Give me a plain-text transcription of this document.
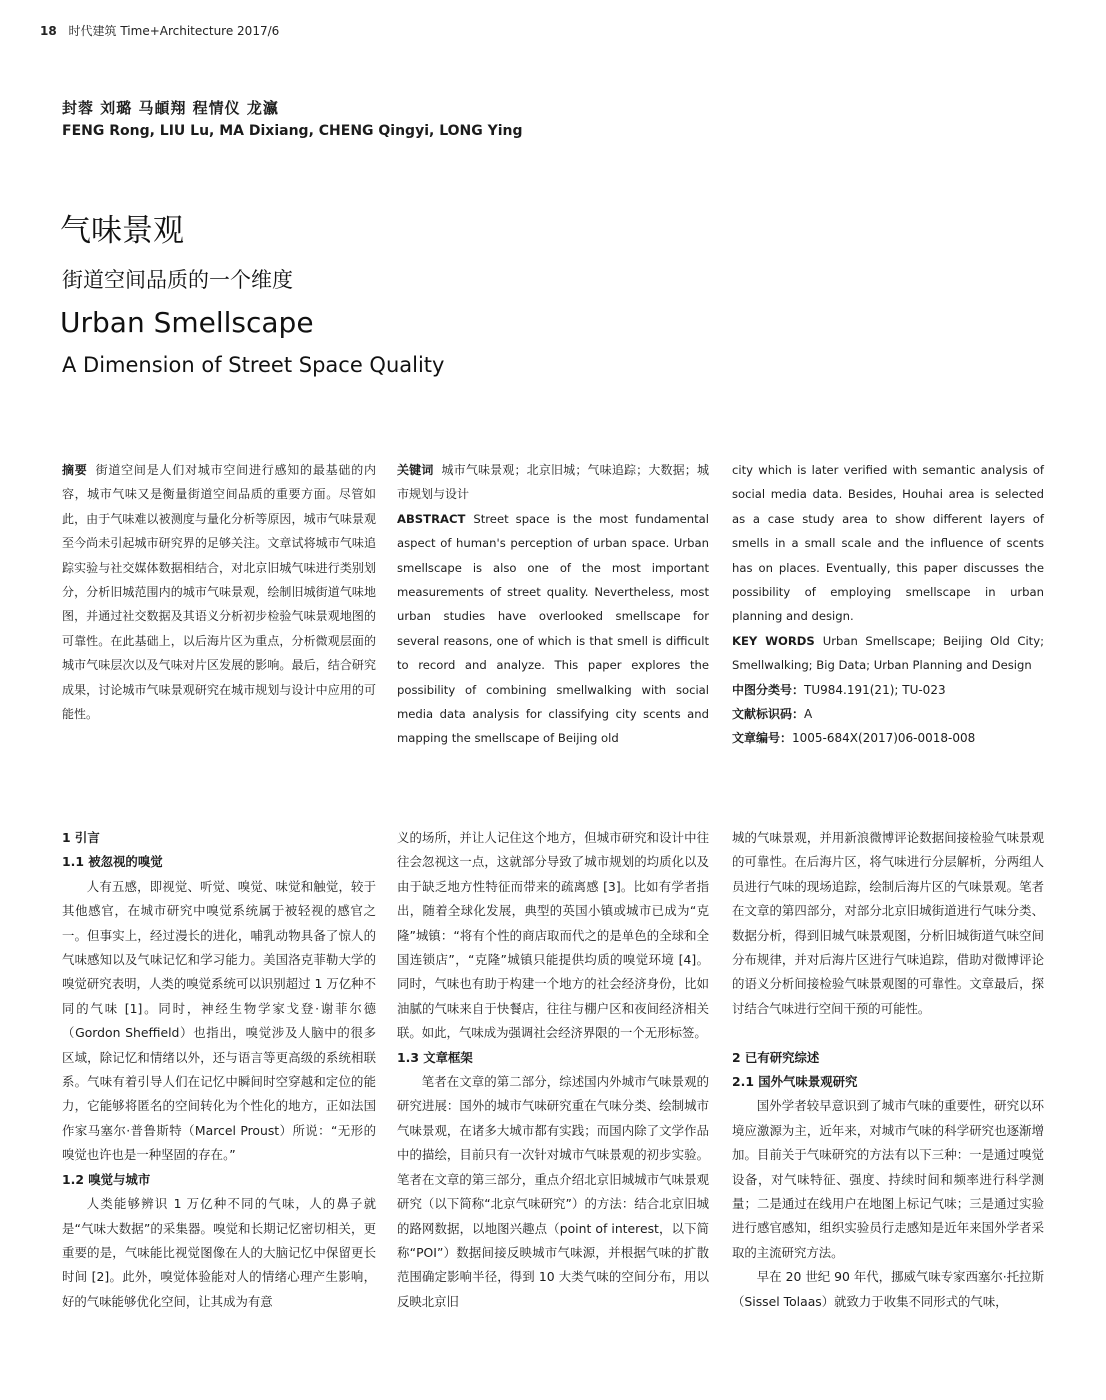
18 时代建筑 Time+Architecture 2017/6
封蓉 刘璐 马頔翔 程情仪 龙瀛
FENG Rong, LIU Lu, MA Dixiang, CHENG Qingyi, LONG Ying
气味景观
街道空间品质的一个维度
Urban Smellscape
A Dimension of Street Space Quality
摘要 街道空间是人们对城市空间进行感知的最基础的内容，城市气味又是衡量街道空间品质的重要方面。尽管如此，由于气味难以被测度与量化分析等原因，城市气味景观至今尚未引起城市研究界的足够关注。文章试将城市气味追踪实验与社交媒体数据相结合，对北京旧城气味进行类别划分，分析旧城范围内的城市气味景观，绘制旧城街道气味地图，并通过社交数据及其语义分析初步检验气味景观地图的可靠性。在此基础上，以后海片区为重点，分析微观层面的城市气味层次以及气味对片区发展的影响。最后，结合研究成果，讨论城市气味景观研究在城市规划与设计中应用的可能性。
关键词 城市气味景观；北京旧城；气味追踪；大数据；城市规划与设计
ABSTRACT Street space is the most fundamental aspect of human's perception of urban space. Urban smellscape is also one of the most important measurements of street quality. Nevertheless, most urban studies have overlooked smellscape for several reasons, one of which is that smell is difficult to record and analyze. This paper explores the possibility of combining smellwalking with social media data analysis for classifying city scents and mapping the smellscape of Beijing old

city which is later verified with semantic analysis of social media data. Besides, Houhai area is selected as a case study area to show different layers of smells in a small scale and the influence of scents has on places. Eventually, this paper discusses the possibility of employing smellscape in urban planning and design.

KEY WORDS Urban Smellscape; Beijing Old City; Smellwalking; Big Data; Urban Planning and Design

中图分类号：TU984.191(21); TU-023

文献标识码：A

文章编号：1005-684X(2017)06-0018-008

1 引言
1.1 被忽视的嗅觉

人有五感，即视觉、听觉、嗅觉、味觉和触觉，较于其他感官，在城市研究中嗅觉系统属于被轻视的感官之一。但事实上，经过漫长的进化，哺乳动物具备了惊人的气味感知以及气味记忆和学习能力。美国洛克菲勒大学的嗅觉研究表明，人类的嗅觉系统可以识别超过 1 万亿种不同的气味 [1]。同时，神经生物学家戈登·谢菲尔德（Gordon Sheffield）也指出，嗅觉涉及人脑中的很多区域，除记忆和情绪以外，还与语言等更高级的系统相联系。气味有着引导人们在记忆中瞬间时空穿越和定位的能力，它能够将匿名的空间转化为个性化的地方，正如法国作家马塞尔·普鲁斯特（Marcel Proust）所说：“无形的嗅觉也许也是一种坚固的存在。”

1.2 嗅觉与城市

人类能够辨识 1 万亿种不同的气味，人的鼻子就是“气味大数据”的采集器。嗅觉和长期记忆密切相关，更重要的是，气味能比视觉图像在人的大脑记忆中保留更长时间 [2]。此外，嗅觉体验能对人的情绪心理产生影响，好的气味能够优化空间，让其成为有意

义的场所，并让人记住这个地方，但城市研究和设计中往往会忽视这一点，这就部分导致了城市规划的均质化以及由于缺乏地方性特征而带来的疏离感 [3]。比如有学者指出，随着全球化发展，典型的英国小镇或城市已成为“克隆”城镇：“将有个性的商店取而代之的是单色的全球和全国连锁店”，“克隆”城镇只能提供均质的嗅觉环境 [4]。同时，气味也有助于构建一个地方的社会经济身份，比如油腻的气味来自于快餐店，往往与棚户区和夜间经济相关联。如此，气味成为强调社会经济界限的一个无形标签。

1.3 文章框架

笔者在文章的第二部分，综述国内外城市气味景观的研究进展：国外的城市气味研究重在气味分类、绘制城市气味景观，在诸多大城市都有实践；而国内除了文学作品中的描绘，目前只有一次针对城市气味景观的初步实验。笔者在文章的第三部分，重点介绍北京旧城城市气味景观研究（以下简称“北京气味研究”）的方法：结合北京旧城的路网数据，以地图兴趣点（point of interest，以下简称“POI”）数据间接反映城市气味源，并根据气味的扩散范围确定影响半径，得到 10 大类气味的空间分布，用以反映北京旧

城的气味景观，并用新浪微博评论数据间接检验气味景观的可靠性。在后海片区，将气味进行分层解析，分两组人员进行气味的现场追踪，绘制后海片区的气味景观。笔者在文章的第四部分，对部分北京旧城街道进行气味分类、数据分析，得到旧城气味景观图，分析旧城街道气味空间分布规律，并对后海片区进行气味追踪，借助对微博评论的语义分析间接检验气味景观图的可靠性。文章最后，探讨结合气味进行空间干预的可能性。

2 已有研究综述
2.1 国外气味景观研究

国外学者较早意识到了城市气味的重要性，研究以环境应激源为主，近年来，对城市气味的科学研究也逐渐增加。目前关于气味研究的方法有以下三种：一是通过嗅觉设备，对气味特征、强度、持续时间和频率进行科学测量；二是通过在线用户在地图上标记气味；三是通过实验进行感官感知，组织实验员行走感知是近年来国外学者采取的主流研究方法。

早在 20 世纪 90 年代，挪威气味专家西塞尔·托拉斯（Sissel Tolaas）就致力于收集不同形式的气味，
